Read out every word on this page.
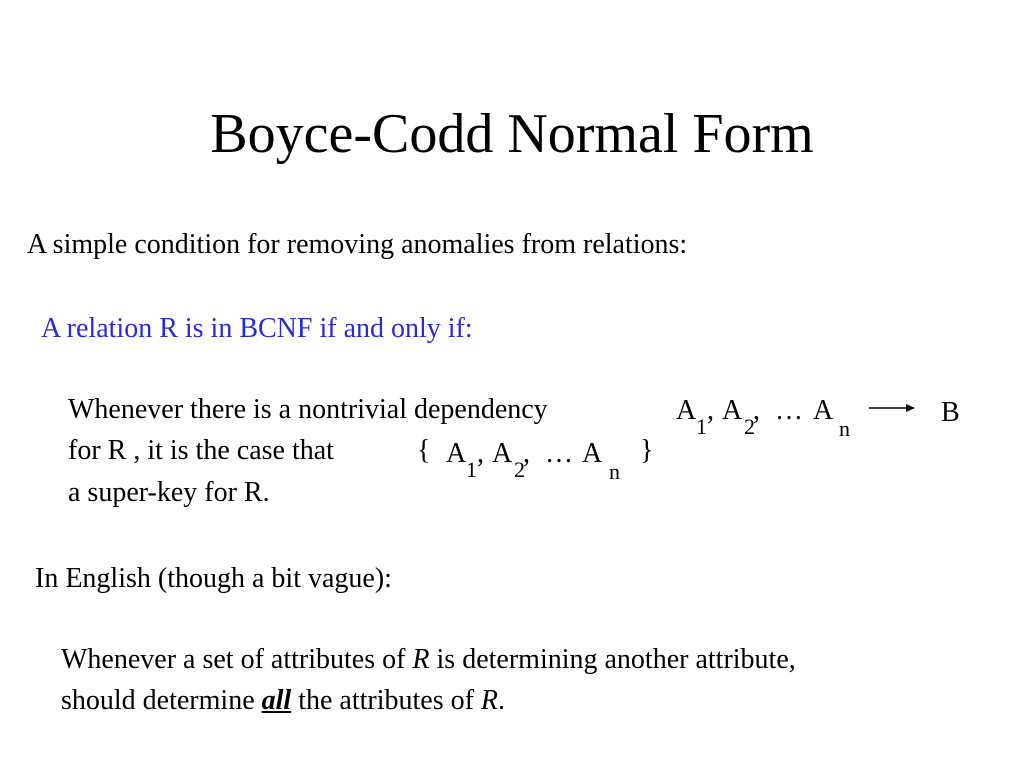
Boyce-Codd Normal Form
A simple condition for removing anomalies from relations:
A relation R is in BCNF if and only if:
Whenever there is a nontrivial dependency
for R , it is the case that
a super-key for R.
A
1
, A
2
, … A
n
B
{ A
1
, A
2
, … A
n
}
In English (though a bit vague):
Whenever a set of attributes of R is determining another attribute,
should determine all the attributes of R.
